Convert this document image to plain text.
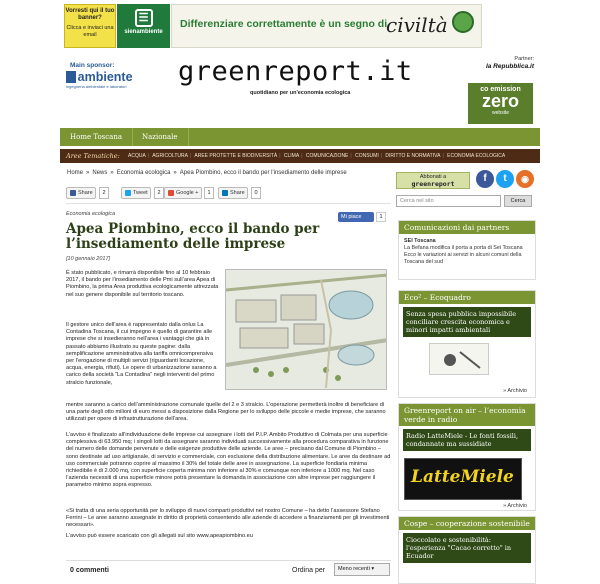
Vorresti qui il tuo banner?
Clicca e inviaci una email
☰
sienambiente
Differenziare correttamente è un segno di
civiltà
Main sponsor:
ambiente
ingegneria ambientale e laboratori	greenreport.it
quotidiano per un'economia ecologica
Partner:
la Repubblica.it
co emission
zero
website
Home Toscana	Nazionale
Aree Tematiche: ACQUA | AGRICOLTURA | AREE PROTETTE E BIODIVERSITÀ | CLIMA | COMUNICAZIONE | CONSUMI | DIRITTO E NORMATIVA | ECONOMIA ECOLOGICA
Home » News » Economia ecologica » Apea Piombino, ecco il bando per l'insediamento delle imprese
Share	2	Tweet	2	Google +	1	Share	0
Economia ecologica	Mi piace	1
Apea Piombino, ecco il bando per l’insediamento delle imprese
[10 gennaio 2017]

È stato pubblicato, e rimarrà disponibile fino al 10 febbraio 2017, il bando per l’insediamento delle Pmi sull’area Apea di Piombino, la prima Area produttiva ecologicamente attrezzata nel suo genere disponibile sul territorio toscano.

Il gestore unico dell’area è rappresentato dalla onlus La Contadina Toscana, il cui impegno è quello di garantire alle imprese che si insedieranno nell’area i vantaggi che già in passato abbiamo illustrato su queste pagine: dalla semplificazione amministrativa alla tariffa omnicomprensiva per l’erogazione di multipli servizi (riguardanti locazione, acqua, energia, rifiuti). Le opere di urbanizzazione saranno a carico della società “La Contadina” negli interventi del primo stralcio funzionale,

mentre saranno a carico dell’amministrazione comunale quelle del 2 e 3 stralcio. L’operazione permetterà inoltre di beneficiare di una parte degli otto milioni di euro messi a disposizione dalla Regione per lo sviluppo delle piccole e medie imprese, che saranno utilizzati per opere di infrastrutturazione dell’area.

L’avviso è finalizzato all’individuazione delle imprese cui assegnare i lotti del P.I.P. Ambito Produttivo di Colmata per una superficie complessiva di 63.950 mq; i singoli lotti da assegnare saranno individuati successivamente alla procedura comparativa in funzione del numero delle domande pervenute e delle esigenze produttive delle aziende. Le aree – precisano dal Comune di Piombino – sono destinate ad uso artigianale, di servizio e commerciale, con esclusione della distribuzione alimentare. Le aree da destinare ad uso commerciale potranno coprire al massimo il 30% del totale delle aree in assegnazione. La superficie fondiaria minima richiedibile è di 2.000 mq, con superficie coperta minima non inferiore al 30% e comunque non inferiore a 1000 mq. Nel caso l’azienda necessiti di una superficie minore potrà presentare la domanda in associazione con altre imprese per raggiungere il parametro minimo sopra espresso.

«Si tratta di una seria opportunità per lo sviluppo di nuovi comparti produttivi nel nostro Comune – ha detto l’assessore Stefano Ferrini – Le aree saranno assegnate in diritto di proprietà consentendo alle aziende di accedere a finanziamenti per gli investimenti necessari».

L’avviso può essere scaricato con gli allegati sul sito www.apeapiombino.eu

0 commenti	Ordina per	Meno recenti ▾
Abbonati a
greenreport	f	t	◉
Cerca nel sito	Cerca
Comunicazioni dai partners
SEI Toscana
La Befana modifica il porta a porta di Sei Toscana Ecco le variazioni ai servizi in alcuni comuni della Toscana del sud
Eco² – Ecoquadro
Senza spesa pubblica impossibile conciliare crescita economica e minori impatti ambientali
» Archivio
Greenreport on air – l’economia verde in radio
Radio LatteMiele - Le fonti fossili, condannate ma sussidiate
» Archivio
LatteMiele
Cospe – cooperazione sostenibile
Cioccolato e sostenibilità: l'esperienza "Cacao corretto" in Ecuador
